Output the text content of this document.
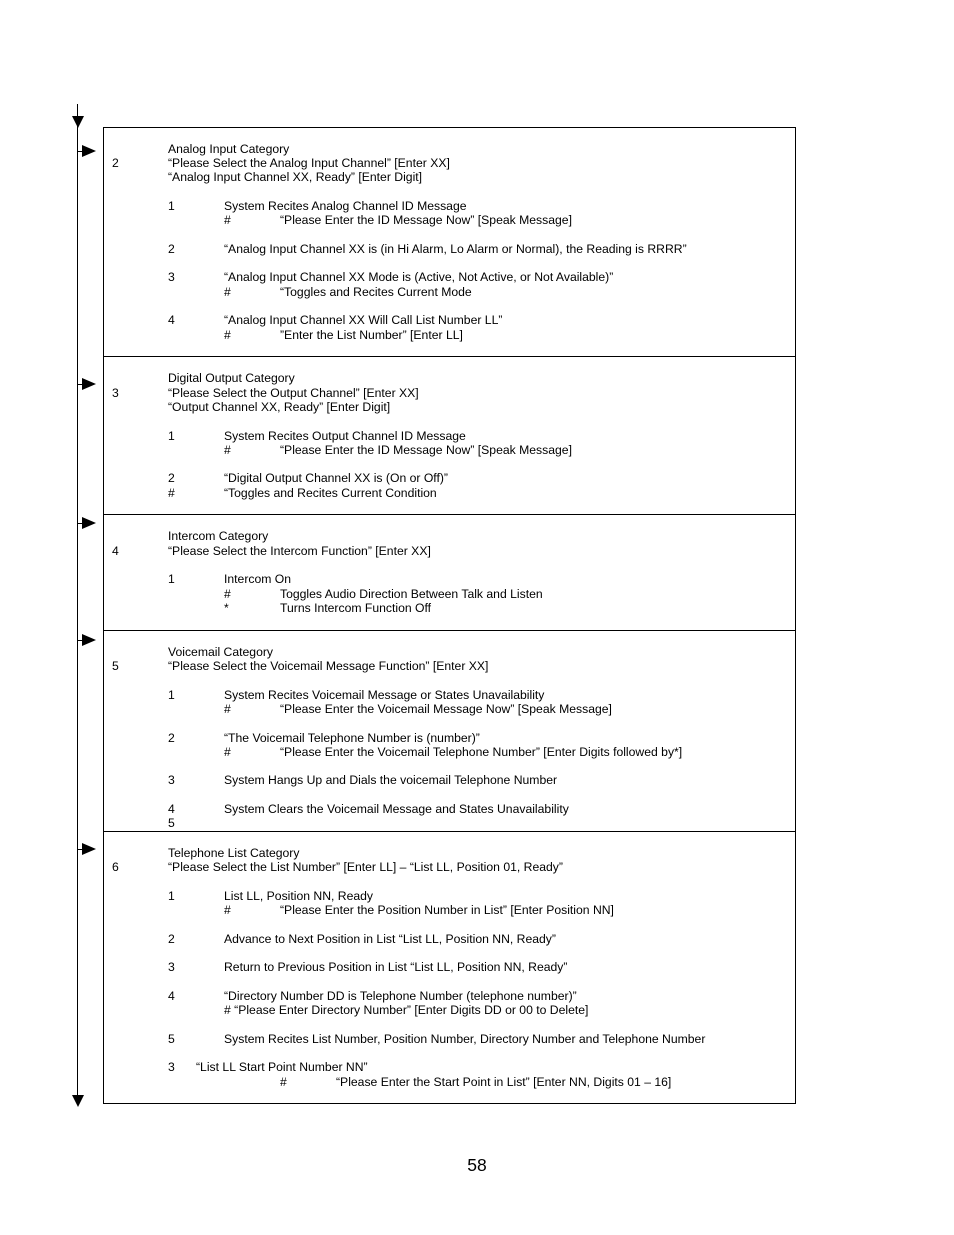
Analog Input Category
2	“Please Select the Analog Input Channel” [Enter XX]
“Analog Input Channel XX, Ready” [Enter Digit]
1	System Recites Analog Channel ID Message
#	“Please Enter the ID Message Now” [Speak Message]
2	“Analog Input Channel XX is (in Hi Alarm, Lo Alarm or Normal), the Reading is RRRR”
3	“Analog Input Channel XX Mode is (Active, Not Active, or Not Available)”
#	“Toggles and Recites Current Mode
4	“Analog Input Channel XX Will Call List Number LL”
#	”Enter the List Number” [Enter LL]
Digital Output Category
3	“Please Select the Output Channel” [Enter XX]
“Output Channel XX, Ready” [Enter Digit]
1	System Recites Output Channel ID Message
#	“Please Enter the ID Message Now” [Speak Message]
2	“Digital Output Channel XX is (On or Off)”
#	“Toggles and Recites Current Condition
Intercom Category
4	“Please Select the Intercom Function” [Enter XX]
1	Intercom On
#	Toggles Audio Direction Between Talk and Listen
*	Turns Intercom Function Off
Voicemail Category
5	“Please Select the Voicemail Message Function” [Enter XX]
1	System Recites Voicemail Message or States Unavailability
#	“Please Enter the Voicemail Message Now” [Speak Message]
2	“The Voicemail Telephone Number is (number)”
#	“Please Enter the Voicemail Telephone Number” [Enter Digits followed by*]
3	System Hangs Up and Dials the voicemail Telephone Number
4	System Clears the Voicemail Message and States Unavailability
5
Telephone List Category
6	“Please Select the List Number” [Enter LL] – “List LL, Position 01, Ready”
1	List LL, Position NN, Ready
#	“Please Enter the Position Number in List” [Enter Position NN]
2	Advance to Next Position in List “List LL, Position NN, Ready”
3	Return to Previous Position in List “List LL, Position NN, Ready”
4	“Directory Number DD is Telephone Number (telephone number)”
# “Please Enter Directory Number” [Enter Digits DD or 00 to Delete]
5	System Recites List Number, Position Number, Directory Number and Telephone Number
3 “List LL Start Point Number NN”
#	“Please Enter the Start Point in List” [Enter NN, Digits 01 – 16]
58
